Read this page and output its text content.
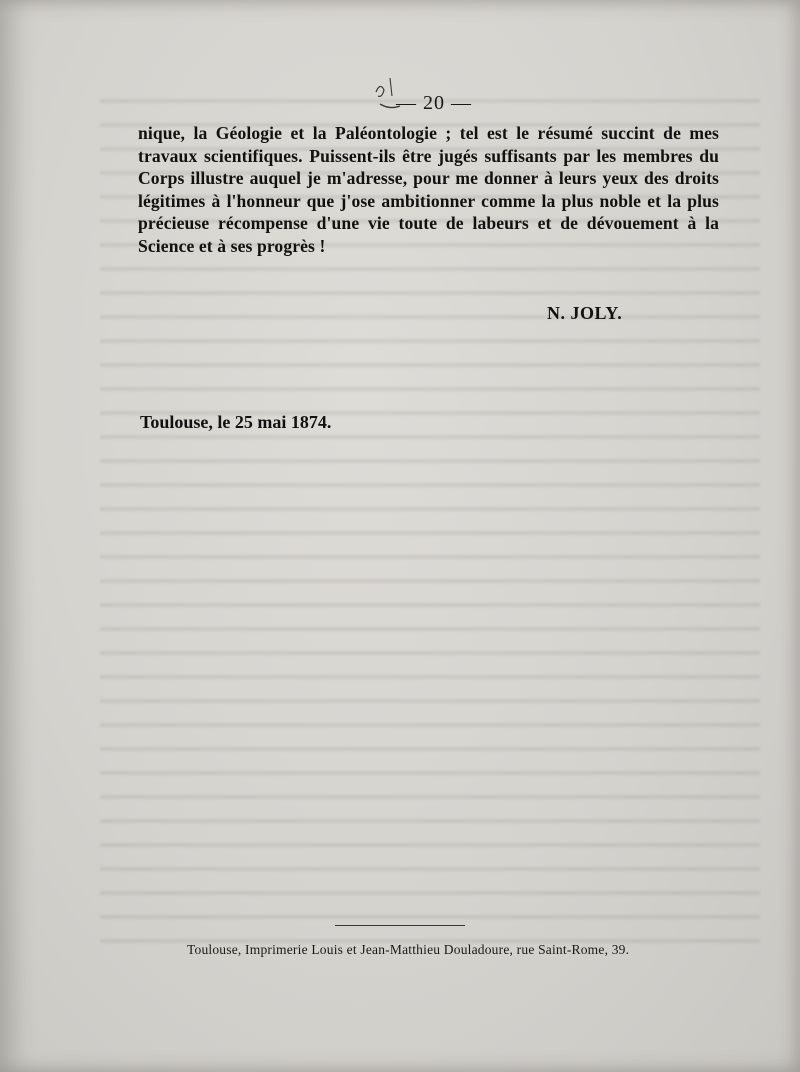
— 20 —

nique, la Géologie et la Paléontologie ; tel est le résumé succint de mes travaux scientifiques. Puissent-ils être jugés suffisants par les membres du Corps illustre auquel je m'adresse, pour me donner à leurs yeux des droits légitimes à l'honneur que j'ose ambitionner comme la plus noble et la plus précieuse récompense d'une vie toute de labeurs et de dévouement à la Science et à ses progrès !

N. JOLY.
Toulouse, le 25 mai 1874.
Toulouse, Imprimerie Louis et Jean-Matthieu Douladoure, rue Saint-Rome, 39.
